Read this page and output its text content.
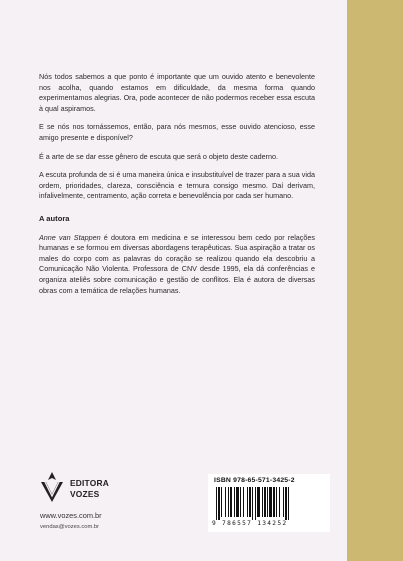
Nós todos sabemos a que ponto é importante que um ouvido atento e benevolente nos acolha, quando estamos em dificuldade, da mesma forma quando experimentamos alegrias. Ora, pode acontecer de não podermos receber essa escuta à qual aspiramos.

E se nós nos tornássemos, então, para nós mesmos, esse ouvido atencioso, esse amigo presente e disponível?

É a arte de se dar esse gênero de escuta que será o objeto deste caderno.

A escuta profunda de si é uma maneira única e insubstituível de trazer para a sua vida ordem, prioridades, clareza, consciência e ternura consigo mesmo. Daí derivam, infalivelmente, centramento, ação correta e benevolência por cada ser humano.

A autora

Anne van Stappen é doutora em medicina e se interessou bem cedo por relações humanas e se formou em diversas abordagens terapêuticas. Sua aspiração a tratar os males do corpo com as palavras do coração se realizou quando ela descobriu a Comunicação Não Violenta. Professora de CNV desde 1995, ela dá conferências e organiza ateliês sobre comunicação e gestão de conflitos. Ela é autora de diversas obras com a temática de relações humanas.

EDITORA
VOZES
www.vozes.com.br
vendas@vozes.com.br
ISBN 978-65-571-3425-2
9 786557 134252
